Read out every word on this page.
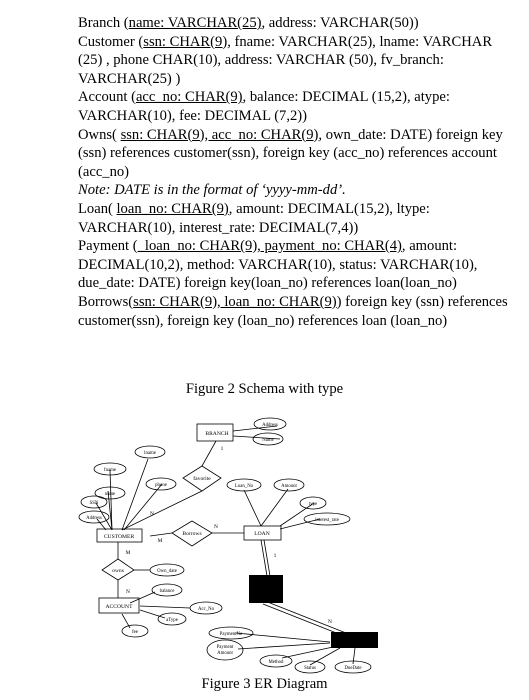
Branch (name: VARCHAR(25), address: VARCHAR(50))

Customer (ssn: CHAR(9), fname: VARCHAR(25), lname: VARCHAR (25) , phone CHAR(10), address: VARCHAR (50), fv_branch: VARCHAR(25) )

Account (acc_no: CHAR(9), balance: DECIMAL (15,2), atype: VARCHAR(10), fee: DECIMAL (7,2))

Owns( ssn: CHAR(9), acc_no: CHAR(9), own_date: DATE) foreign key (ssn) references customer(ssn), foreign key (acc_no) references account (acc_no)

Note: DATE is in the format of ‘yyyy-mm-dd’.

Loan( loan_no: CHAR(9), amount: DECIMAL(15,2), ltype: VARCHAR(10), interest_rate: DECIMAL(7,4))

Payment (_loan_no: CHAR(9), payment_no: CHAR(4), amount: DECIMAL(10,2), method: VARCHAR(10), status: VARCHAR(10), due_date: DATE) foreign key(loan_no) references loan(loan_no)

Borrows(ssn: CHAR(9), loan_no: CHAR(9)) foreign key (ssn) references customer(ssn), foreign key (loan_no) references loan (loan_no)

Figure 2 Schema with type
BRANCH
CUSTOMER	LOAN
ACCOUNT
favorite
Borrows
owns
Address
Name
lname
fname
name
SSN
Address
phone	Loan_No	Amount
type
interest_rate
Own_date
balance
Acc_No
aType
fee	PaymentNo
Payment Amount
Method
Status	DueDate
1
N
M
N
M
N
1
N
Figure 3 ER Diagram
